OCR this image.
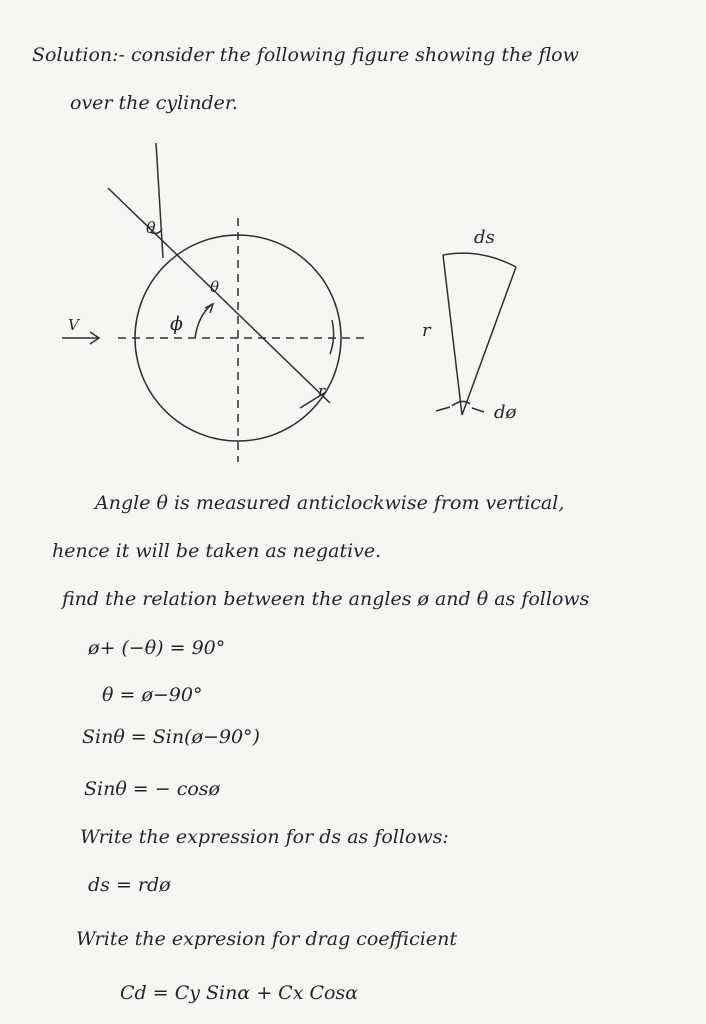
θ
θ
ϕ
V
r
ds
r
dø
Solution:- consider the following figure showing the flow
over the cylinder.
Angle θ is measured anticlockwise from vertical,
hence it will be taken as negative.
find the relation between the angles ø and θ as follows
ø+ (−θ) = 90°
θ = ø−90°
Sinθ = Sin(ø−90°)
Sinθ = − cosø
Write the expression for ds as follows:
ds = rdø
Write the expresion for drag coefficient
Cd = Cy Sinα + Cx Cosα
